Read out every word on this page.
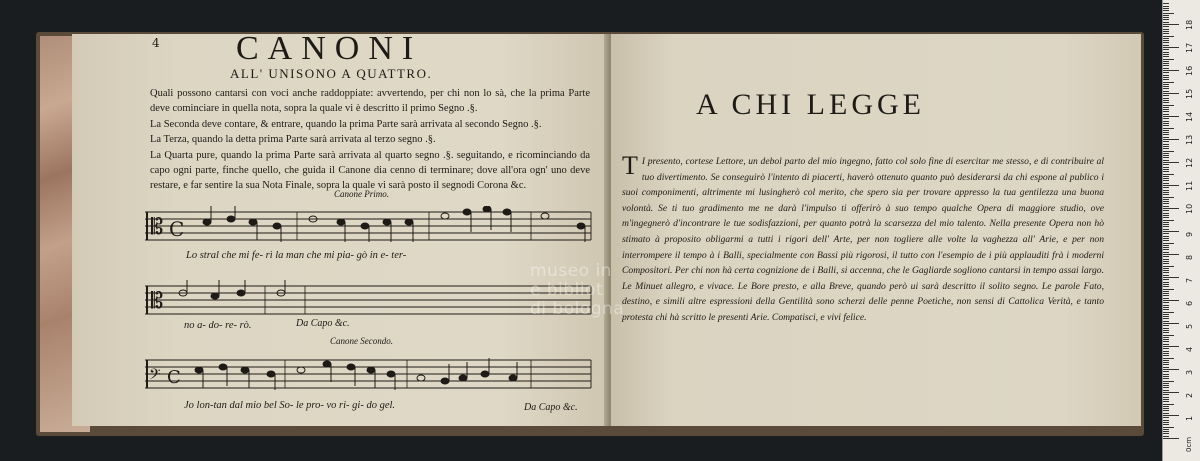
4 CANONI
ALL' UNISONO A QUATTRO.

Quali possono cantarsi con voci anche raddoppiate: avvertendo, per chi non lo sà, che la prima Parte deve cominciare in quella nota, sopra la quale vi è descritto il primo Segno .§.

La Seconda deve contare, & entrare, quando la prima Parte sarà arrivata al secondo Segno .§.

La Terza, quando la detta prima Parte sarà arrivata al terzo segno .§.

La Quarta pure, quando la prima Parte sarà arrivata al quarto segno .§. seguitando, e ricominciando da capo ogni parte, finche quello, che guida il Canone dia cenno di terminare; dove all'ora ogn' uno deve restare, e far sentire la sua Nota Finale, sopra la quale vi sarà posto il segnodi Corona &c.

Canone Primo.
𝄡 C
Lo stral che mi fe- rì la man che mi pia- gò in e- ter-
𝄡
no a- do- re- rò.	Da Capo &c.
Canone Secondo.
𝄢 C
Jo lon-tan dal mio bel So- le pro- vo ri- gi- do gel.	Da Capo &c.
A CHI LEGGE
T I presento, cortese Lettore, un debol parto del mio ingegno, fatto col solo fine di esercitar me stesso, e di contribuire al tuo divertimento. Se conseguirò l'intento di piacerti, haverò ottenuto quanto può desiderarsi da chi espone al publico i suoi componimenti, altrimente mi lusingherò col merito, che spero sia per trovare appresso la tua gentilezza una buona volontà. Se ti tuo gradimento me ne darà l'impulso ti offerirò à suo tempo qualche Opera di maggiore studio, ove m'ingegnerò d'incontrare le tue sodisfazzioni, per quanto potrà la scarsezza del mio talento. Nella presente Opera non hò stimato à proposito obligarmi a tutti i rigori dell' Arte, per non togliere alle volte la vaghezza all' Arie, e per non interrompere il tempo à i Balli, specialmente con Bassi più rigorosi, il tutto con l'esempio de i più applauditi frà i moderni Compositori. Per chi non hà certa cognizione de i Balli, si accenna, che le Gagliarde sogliono cantarsi in tempo assai largo. Le Minuet allegro, e vivace. Le Bore presto, e alla Breve, quando però ui sarà descritto il solito segno. Le parole Fato, destino, e simili altre espressioni della Gentilità sono scherzi delle penne Poetiche, non sensi di Cattolica Verità, e tanto protesta chi hà scritto le presenti Arie. Compatisci, e vivi felice.
museo in
e bibliot
di bologna
0cm
1
2
3
4
5
6
7
8
9
10
11
12
13
14
15
16
17
18
